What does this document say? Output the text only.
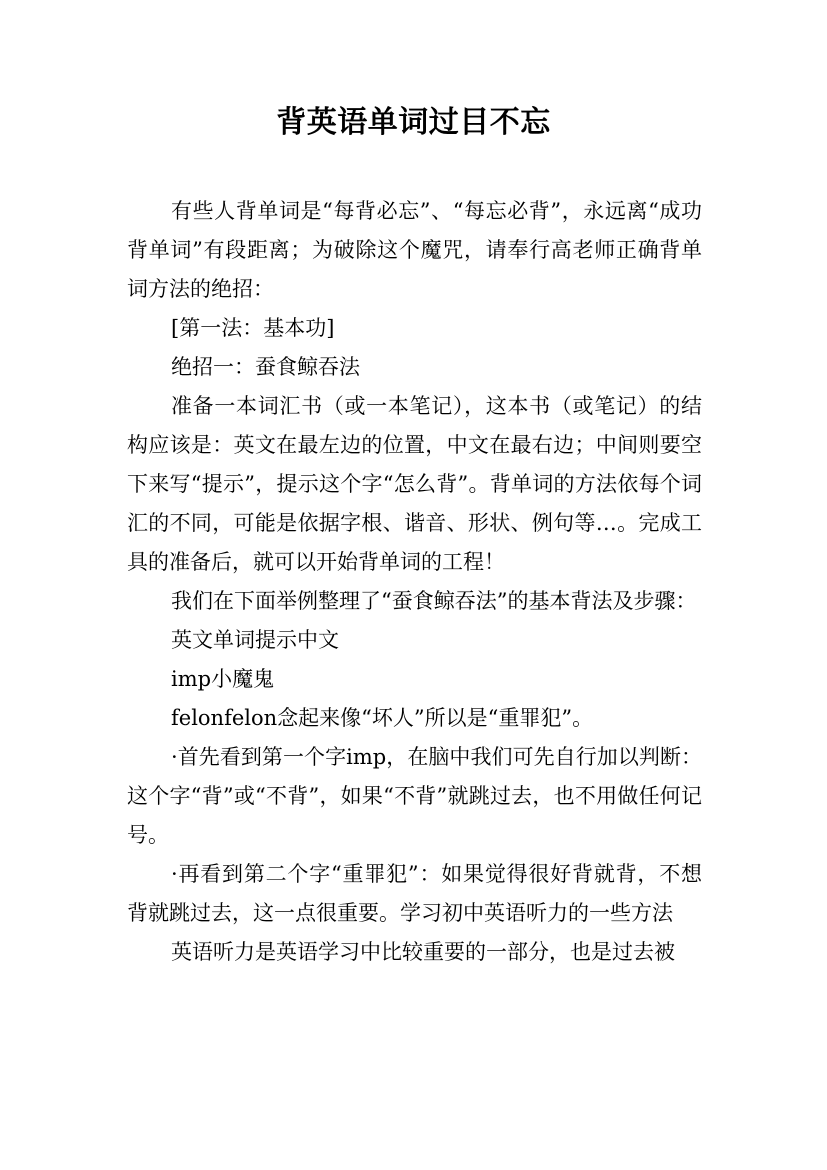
背英语单词过目不忘

有些人背单词是“每背必忘”、“每忘必背”，永远离“成功背单词”有段距离；为破除这个魔咒，请奉行高老师正确背单词方法的绝招：

[第一法：基本功]

绝招一：蚕食鲸吞法

准备一本词汇书（或一本笔记），这本书（或笔记）的结构应该是：英文在最左边的位置，中文在最右边；中间则要空下来写“提示”，提示这个字“怎么背”。背单词的方法依每个词汇的不同，可能是依据字根、谐音、形状、例句等…。完成工具的准备后，就可以开始背单词的工程！

我们在下面举例整理了“蚕食鲸吞法”的基本背法及步骤：

英文单词提示中文

imp小魔鬼

felonfelon念起来像“坏人”所以是“重罪犯”。

·首先看到第一个字imp，在脑中我们可先自行加以判断：这个字“背”或“不背”，如果“不背”就跳过去，也不用做任何记号。

·再看到第二个字“重罪犯”：如果觉得很好背就背，不想背就跳过去，这一点很重要。学习初中英语听力的一些方法

英语听力是英语学习中比较重要的一部分，也是过去被
